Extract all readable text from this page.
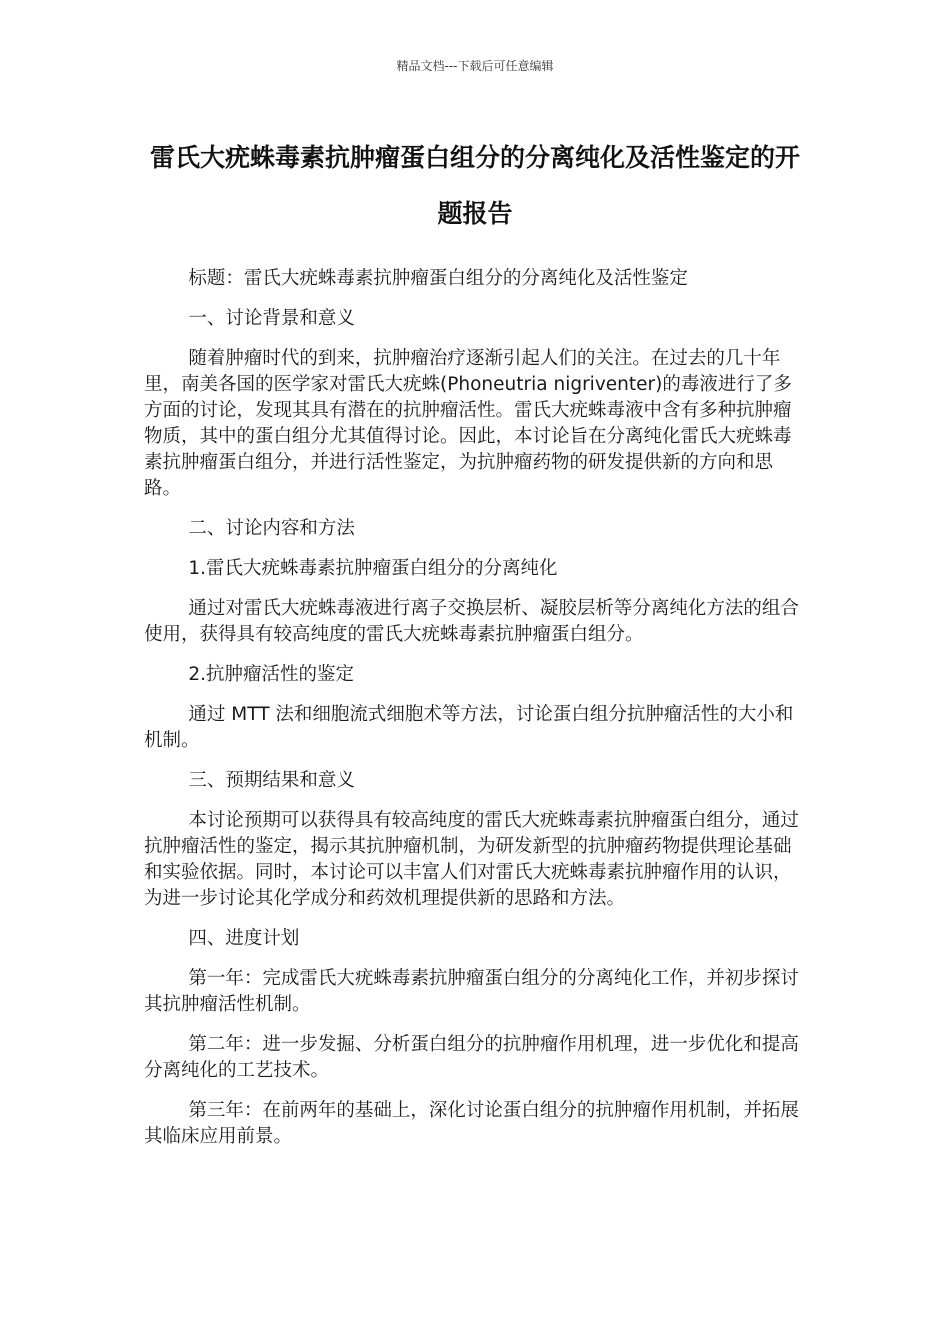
精品文档---下载后可任意编辑
雷氏大疣蛛毒素抗肿瘤蛋白组分的分离纯化及活性鉴定的开题报告

标题：雷氏大疣蛛毒素抗肿瘤蛋白组分的分离纯化及活性鉴定

一、讨论背景和意义

随着肿瘤时代的到来，抗肿瘤治疗逐渐引起人们的关注。在过去的几十年里，南美各国的医学家对雷氏大疣蛛(Phoneutria nigriventer)的毒液进行了多方面的讨论，发现其具有潜在的抗肿瘤活性。雷氏大疣蛛毒液中含有多种抗肿瘤物质，其中的蛋白组分尤其值得讨论。因此，本讨论旨在分离纯化雷氏大疣蛛毒素抗肿瘤蛋白组分，并进行活性鉴定，为抗肿瘤药物的研发提供新的方向和思路。

二、讨论内容和方法

1.雷氏大疣蛛毒素抗肿瘤蛋白组分的分离纯化

通过对雷氏大疣蛛毒液进行离子交换层析、凝胶层析等分离纯化方法的组合使用，获得具有较高纯度的雷氏大疣蛛毒素抗肿瘤蛋白组分。

2.抗肿瘤活性的鉴定

通过 MTT 法和细胞流式细胞术等方法，讨论蛋白组分抗肿瘤活性的大小和机制。

三、预期结果和意义

本讨论预期可以获得具有较高纯度的雷氏大疣蛛毒素抗肿瘤蛋白组分，通过抗肿瘤活性的鉴定，揭示其抗肿瘤机制，为研发新型的抗肿瘤药物提供理论基础和实验依据。同时，本讨论可以丰富人们对雷氏大疣蛛毒素抗肿瘤作用的认识，为进一步讨论其化学成分和药效机理提供新的思路和方法。

四、进度计划

第一年：完成雷氏大疣蛛毒素抗肿瘤蛋白组分的分离纯化工作，并初步探讨其抗肿瘤活性机制。

第二年：进一步发掘、分析蛋白组分的抗肿瘤作用机理，进一步优化和提高分离纯化的工艺技术。

第三年：在前两年的基础上，深化讨论蛋白组分的抗肿瘤作用机制，并拓展其临床应用前景。
